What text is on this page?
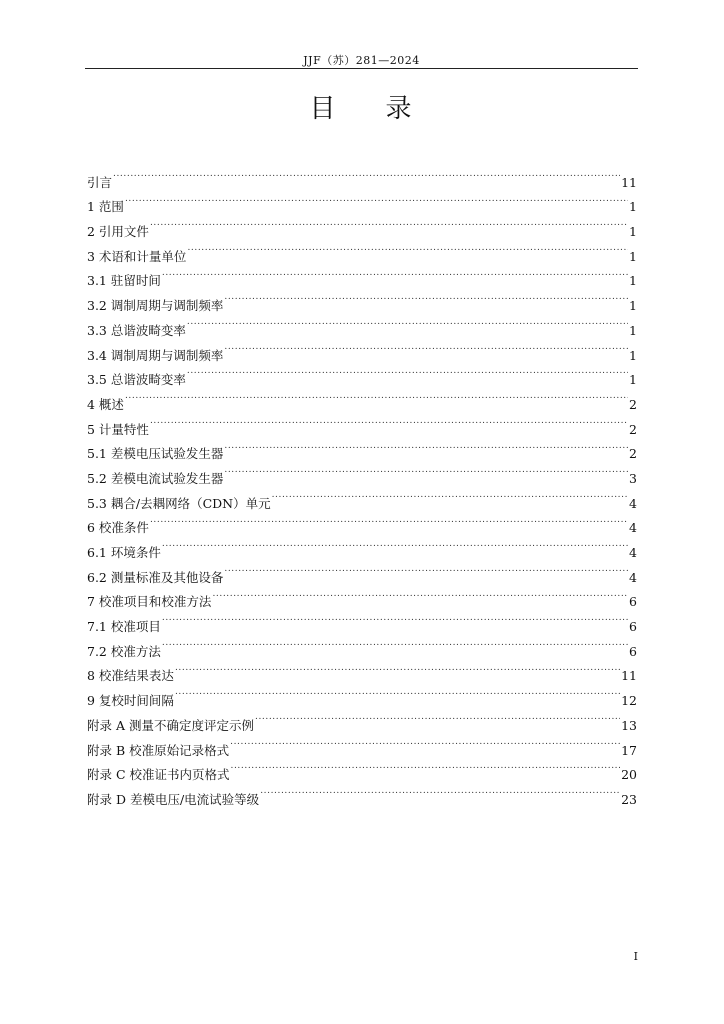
JJF（苏）281—2024
目 录
引言 .....	11
1 范围 .....	1
2 引用文件 .....	1
3 术语和计量单位 .....	1
3.1 驻留时间 .....	1
3.2 调制周期与调制频率 .....	1
3.3 总谐波畸变率 .....	1
3.4 调制周期与调制频率 .....	1
3.5 总谐波畸变率 .....	1
4 概述 .....	2
5 计量特性 .....	2
5.1 差模电压试验发生器 .....	2
5.2 差模电流试验发生器 .....	3
5.3 耦合/去耦网络（CDN）单元 .....	4
6 校准条件 .....	4
6.1 环境条件 .....	4
6.2 测量标准及其他设备 .....	4
7 校准项目和校准方法 .....	6
7.1 校准项目 .....	6
7.2 校准方法 .....	6
8 校准结果表达 .....	11
9 复校时间间隔 .....	12
附录 A 测量不确定度评定示例 .....	13
附录 B 校准原始记录格式 .....	17
附录 C 校准证书内页格式 .....	20
附录 D 差模电压/电流试验等级 .....	23
I
